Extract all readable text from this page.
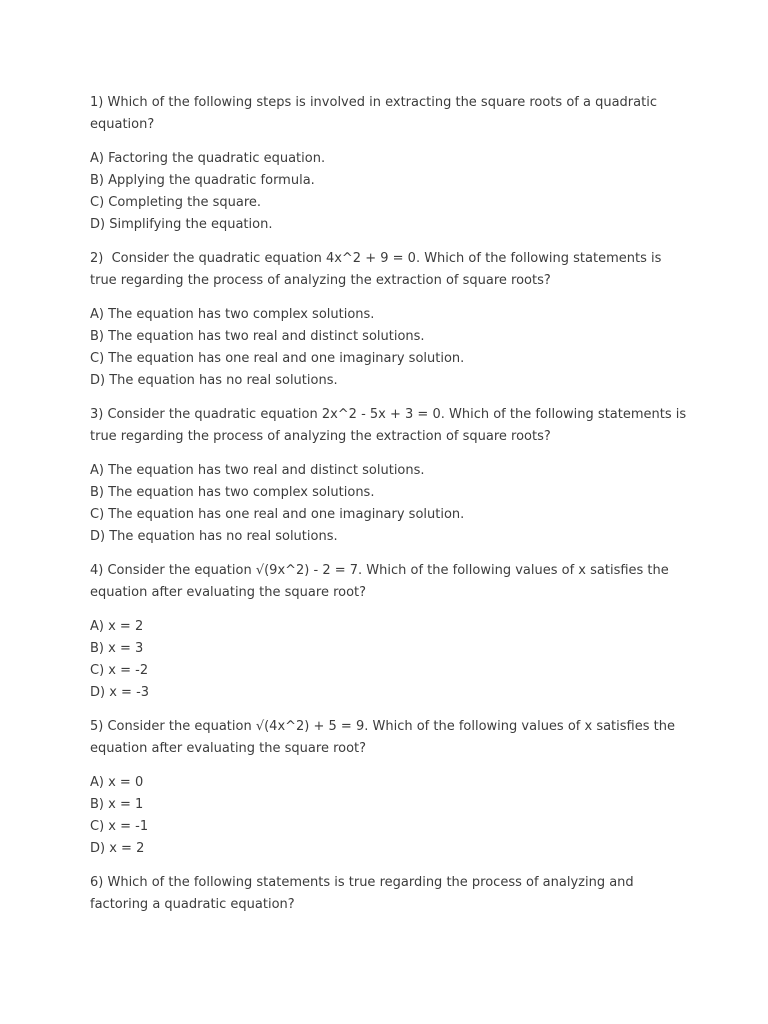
1) Which of the following steps is involved in extracting the square roots of a quadratic equation?

A) Factoring the quadratic equation.
B) Applying the quadratic formula.
C) Completing the square.
D) Simplifying the equation.

2)  Consider the quadratic equation 4x^2 + 9 = 0. Which of the following statements is true regarding the process of analyzing the extraction of square roots?

A) The equation has two complex solutions.
B) The equation has two real and distinct solutions.
C) The equation has one real and one imaginary solution.
D) The equation has no real solutions.

3) Consider the quadratic equation 2x^2 - 5x + 3 = 0. Which of the following statements is true regarding the process of analyzing the extraction of square roots?

A) The equation has two real and distinct solutions.
B) The equation has two complex solutions.
C) The equation has one real and one imaginary solution.
D) The equation has no real solutions.

4) Consider the equation √(9x^2) - 2 = 7. Which of the following values of x satisfies the equation after evaluating the square root?

A) x = 2
B) x = 3
C) x = -2
D) x = -3

5) Consider the equation √(4x^2) + 5 = 9. Which of the following values of x satisfies the equation after evaluating the square root?

A) x = 0
B) x = 1
C) x = -1
D) x = 2

6) Which of the following statements is true regarding the process of analyzing and factoring a quadratic equation?
